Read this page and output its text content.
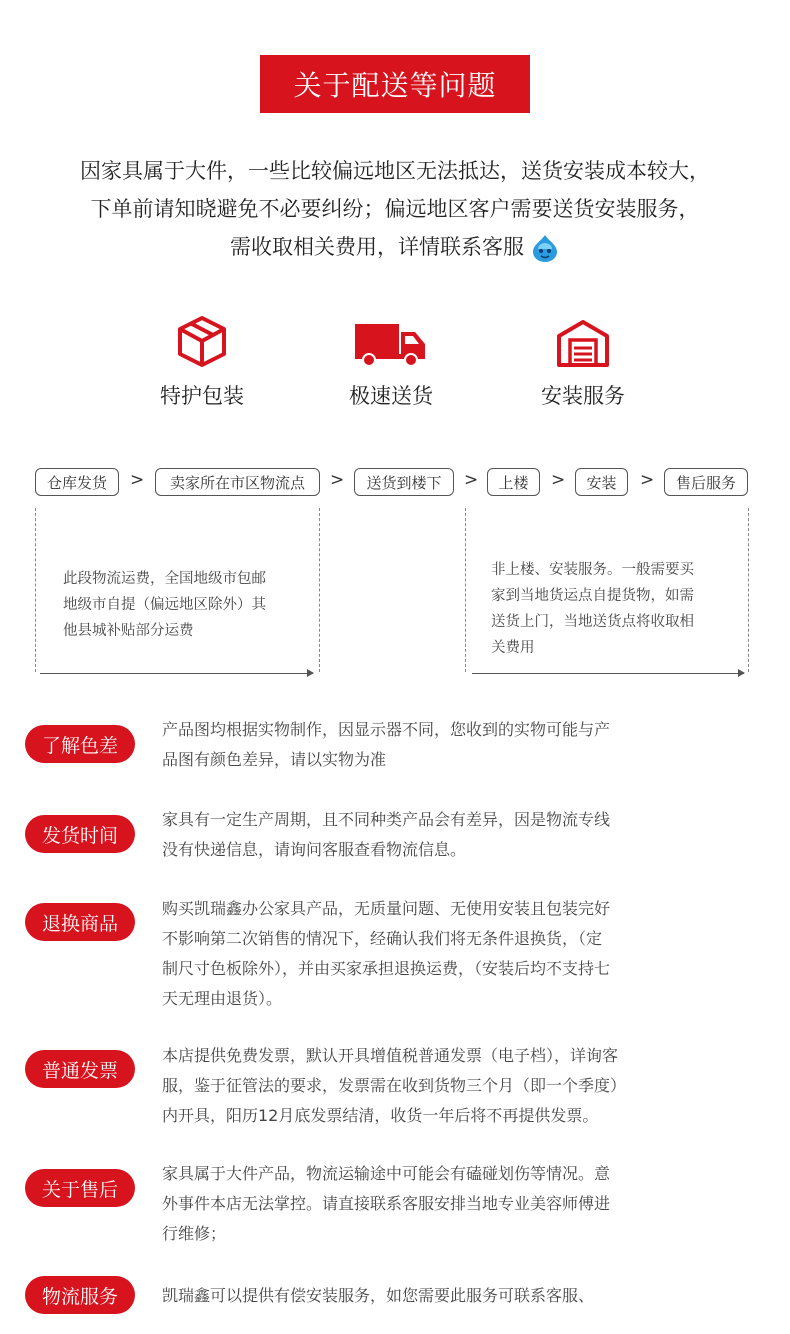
关于配送等问题
因家具属于大件，一些比较偏远地区无法抵达，送货安装成本较大，
下单前请知晓避免不必要纠纷；偏远地区客户需要送货安装服务，
需收取相关费用，详情联系客服
特护包装	极速送货	安装服务
仓库发货	>	卖家所在市区物流点	>	送货到楼下	>	上楼	>	安装	>	售后服务
此段物流运费，全国地级市包邮
地级市自提（偏远地区除外）其
他县城补贴部分运费
非上楼、安装服务。一般需要买
家到当地货运点自提货物，如需
送货上门，当地送货点将收取相
关费用
了解色差
产品图均根据实物制作，因显示器不同，您收到的实物可能与产
品图有颜色差异，请以实物为准
发货时间
家具有一定生产周期，且不同种类产品会有差异，因是物流专线
没有快递信息，请询问客服查看物流信息。
退换商品
购买凯瑞鑫办公家具产品，无质量问题、无使用安装且包装完好
不影响第二次销售的情况下，经确认我们将无条件退换货，（定
制尺寸色板除外），并由买家承担退换运费，（安装后均不支持七
天无理由退货）。
普通发票
本店提供免费发票，默认开具增值税普通发票（电子档），详询客
服，鉴于征管法的要求，发票需在收到货物三个月（即一个季度）
内开具，阳历12月底发票结清，收货一年后将不再提供发票。
关于售后
家具属于大件产品，物流运输途中可能会有磕碰划伤等情况。意
外事件本店无法掌控。请直接联系客服安排当地专业美容师傅进
行维修；
物流服务	凯瑞鑫可以提供有偿安装服务，如您需要此服务可联系客服、
